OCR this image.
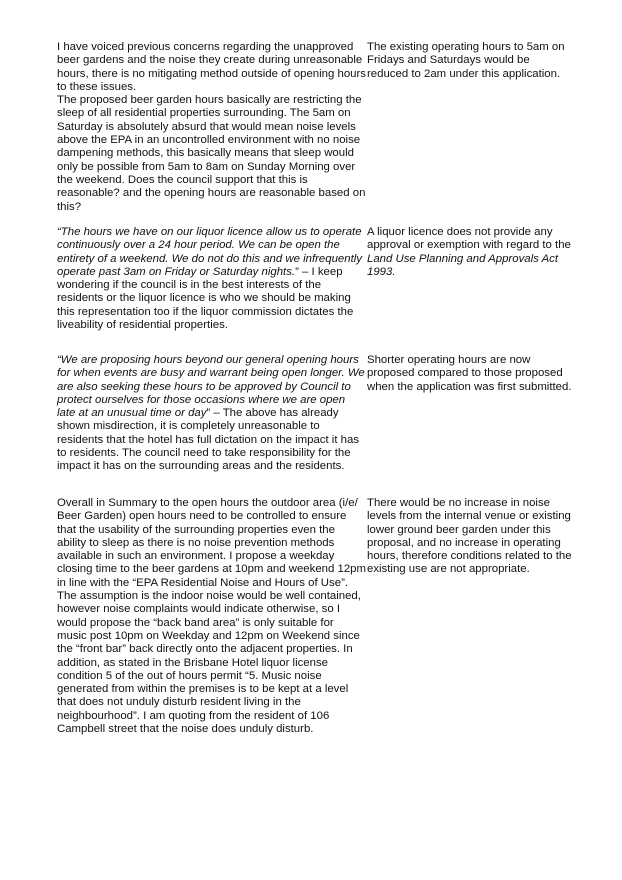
I have voiced previous concerns regarding the unapproved beer gardens and the noise they create during unreasonable hours, there is no mitigating method outside of opening hours to these issues.

The proposed beer garden hours basically are restricting the sleep of all residential properties surrounding. The 5am on Saturday is absolutely absurd that would mean noise levels above the EPA in an uncontrolled environment with no noise dampening methods, this basically means that sleep would only be possible from 5am to 8am on Sunday Morning over the weekend. Does the council support that this is reasonable? and the opening hours are reasonable based on this?

The existing operating hours to 5am on Fridays and Saturdays would be reduced to 2am under this application.

“The hours we have on our liquor licence allow us to operate continuously over a 24 hour period. We can be open the entirety of a weekend. We do not do this and we infrequently operate past 3am on Friday or Saturday nights.” – I keep wondering if the council is in the best interests of the residents or the liquor licence is who we should be making this representation too if the liquor commission dictates the liveability of residential properties.

A liquor licence does not provide any approval or exemption with regard to the Land Use Planning and Approvals Act 1993.

“We are proposing hours beyond our general opening hours for when events are busy and warrant being open longer. We are also seeking these hours to be approved by Council to protect ourselves for those occasions where we are open late at an unusual time or day” – The above has already shown misdirection, it is completely unreasonable to residents that the hotel has full dictation on the impact it has to residents. The council need to take responsibility for the impact it has on the surrounding areas and the residents.

Shorter operating hours are now proposed compared to those proposed when the application was first submitted.

Overall in Summary to the open hours the outdoor area (i/e/ Beer Garden) open hours need to be controlled to ensure that the usability of the surrounding properties even the ability to sleep as there is no noise prevention methods available in such an environment. I propose a weekday closing time to the beer gardens at 10pm and weekend 12pm in line with the “EPA Residential Noise and Hours of Use”. The assumption is the indoor noise would be well contained, however noise complaints would indicate otherwise, so I would propose the “back band area” is only suitable for music post 10pm on Weekday and 12pm on Weekend since the “front bar” back directly onto the adjacent properties. In addition, as stated in the Brisbane Hotel liquor license condition 5 of the out of hours permit “5. Music noise generated from within the premises is to be kept at a level that does not unduly disturb resident living in the neighbourhood”. I am quoting from the resident of 106 Campbell street that the noise does unduly disturb.

There would be no increase in noise levels from the internal venue or existing lower ground beer garden under this proposal, and no increase in operating hours, therefore conditions related to the existing use are not appropriate.
